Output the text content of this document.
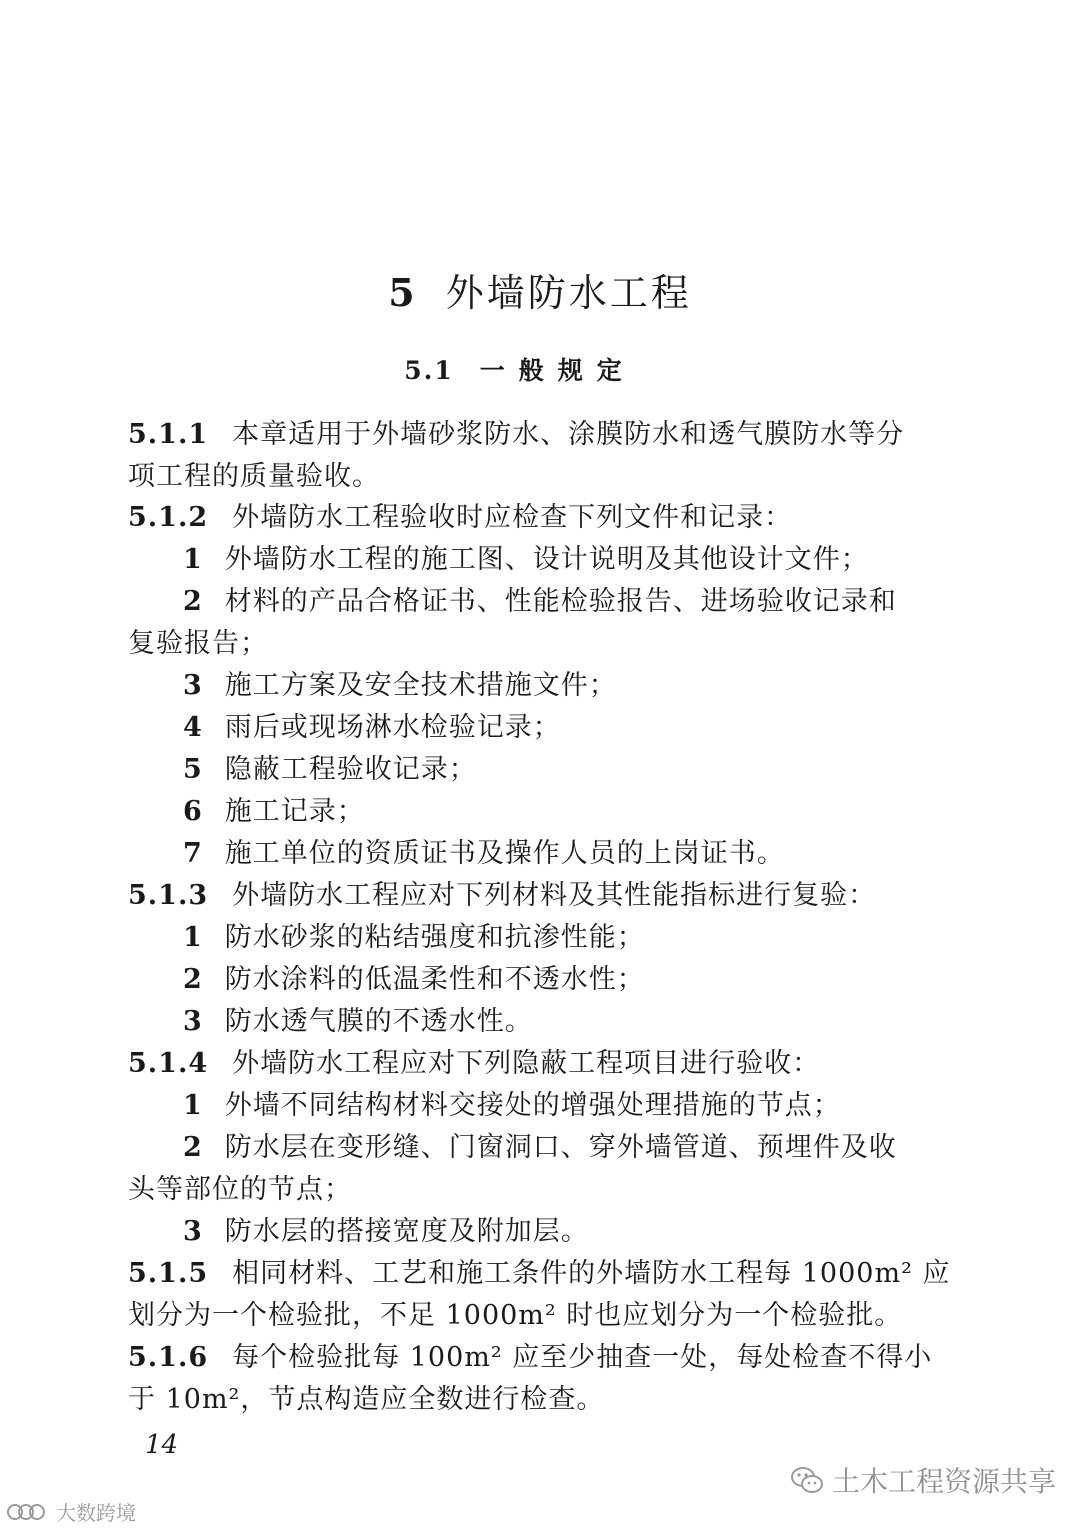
5 外墙防水工程
5.1 一般规定
5.1.1 本章适用于外墙砂浆防水、涂膜防水和透气膜防水等分
项工程的质量验收。
5.1.2 外墙防水工程验收时应检查下列文件和记录：
1 外墙防水工程的施工图、设计说明及其他设计文件；
2 材料的产品合格证书、性能检验报告、进场验收记录和
复验报告；
3 施工方案及安全技术措施文件；
4 雨后或现场淋水检验记录；
5 隐蔽工程验收记录；
6 施工记录；
7 施工单位的资质证书及操作人员的上岗证书。
5.1.3 外墙防水工程应对下列材料及其性能指标进行复验：
1 防水砂浆的粘结强度和抗渗性能；
2 防水涂料的低温柔性和不透水性；
3 防水透气膜的不透水性。
5.1.4 外墙防水工程应对下列隐蔽工程项目进行验收：
1 外墙不同结构材料交接处的增强处理措施的节点；
2 防水层在变形缝、门窗洞口、穿外墙管道、预埋件及收
头等部位的节点；
3 防水层的搭接宽度及附加层。
5.1.5 相同材料、工艺和施工条件的外墙防水工程每 1000m² 应
划分为一个检验批，不足 1000m² 时也应划分为一个检验批。
5.1.6 每个检验批每 100m² 应至少抽查一处，每处检查不得小
于 10m²，节点构造应全数进行检查。
14
土木工程资源共享
大数跨境
